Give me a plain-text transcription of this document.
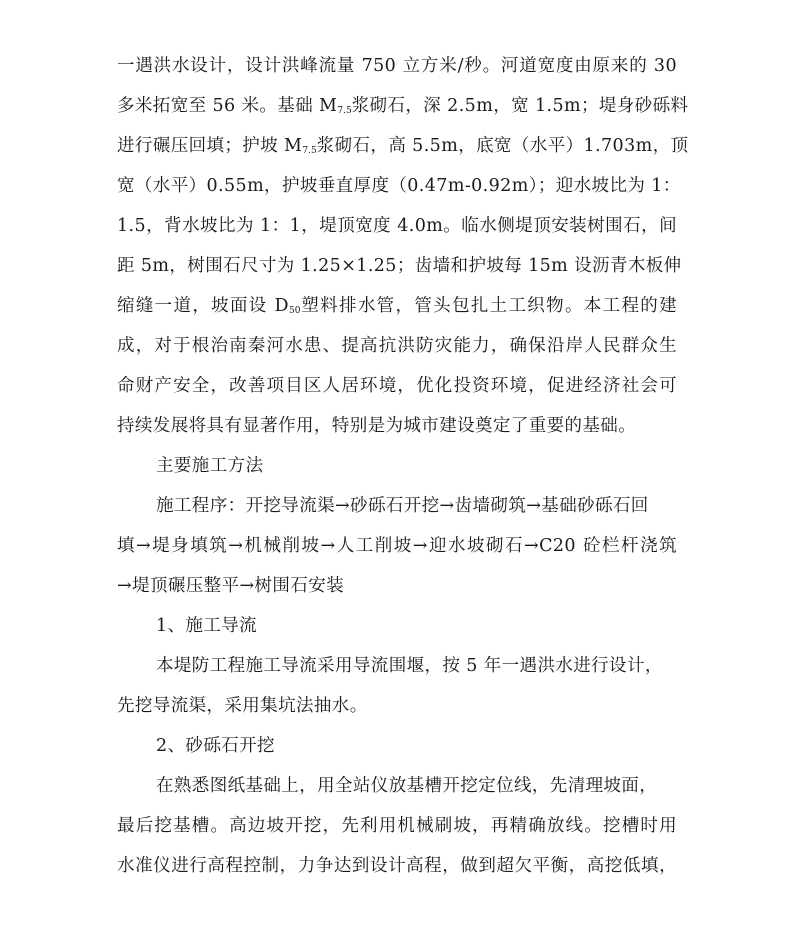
一遇洪水设计，设计洪峰流量 750 立方米/秒。河道宽度由原来的 30
多米拓宽至 56 米。基础 $M_{7.5}$浆砌石，深 2.5m，宽 1.5m；堤身砂砾料
进行碾压回填；护坡 $M_{7.5}$浆砌石，高 5.5m，底宽（水平）1.703m，顶
宽（水平）0.55m，护坡垂直厚度（0.47m-0.92m）；迎水坡比为 1：
1.5，背水坡比为 1：1，堤顶宽度 4.0m。临水侧堤顶安装树围石，间
距 5m，树围石尺寸为 1.25×1.25；齿墙和护坡每 15m 设沥青木板伸
缩缝一道，坡面设 $D_{50}$塑料排水管，管头包扎土工织物。本工程的建
成，对于根治南秦河水患、提高抗洪防灾能力，确保沿岸人民群众生
命财产安全，改善项目区人居环境，优化投资环境，促进经济社会可
持续发展将具有显著作用，特别是为城市建设奠定了重要的基础。
主要施工方法
施工程序：开挖导流渠→砂砾石开挖→齿墙砌筑→基础砂砾石回
填→堤身填筑→机械削坡→人工削坡→迎水坡砌石→C20 砼栏杆浇筑
→堤顶碾压整平→树围石安装
1、施工导流
本堤防工程施工导流采用导流围堰，按 5 年一遇洪水进行设计，
先挖导流渠，采用集坑法抽水。
2、砂砾石开挖
在熟悉图纸基础上，用全站仪放基槽开挖定位线，先清理坡面，
最后挖基槽。高边坡开挖，先利用机械刷坡，再精确放线。挖槽时用
水准仪进行高程控制，力争达到设计高程，做到超欠平衡，高挖低填，
